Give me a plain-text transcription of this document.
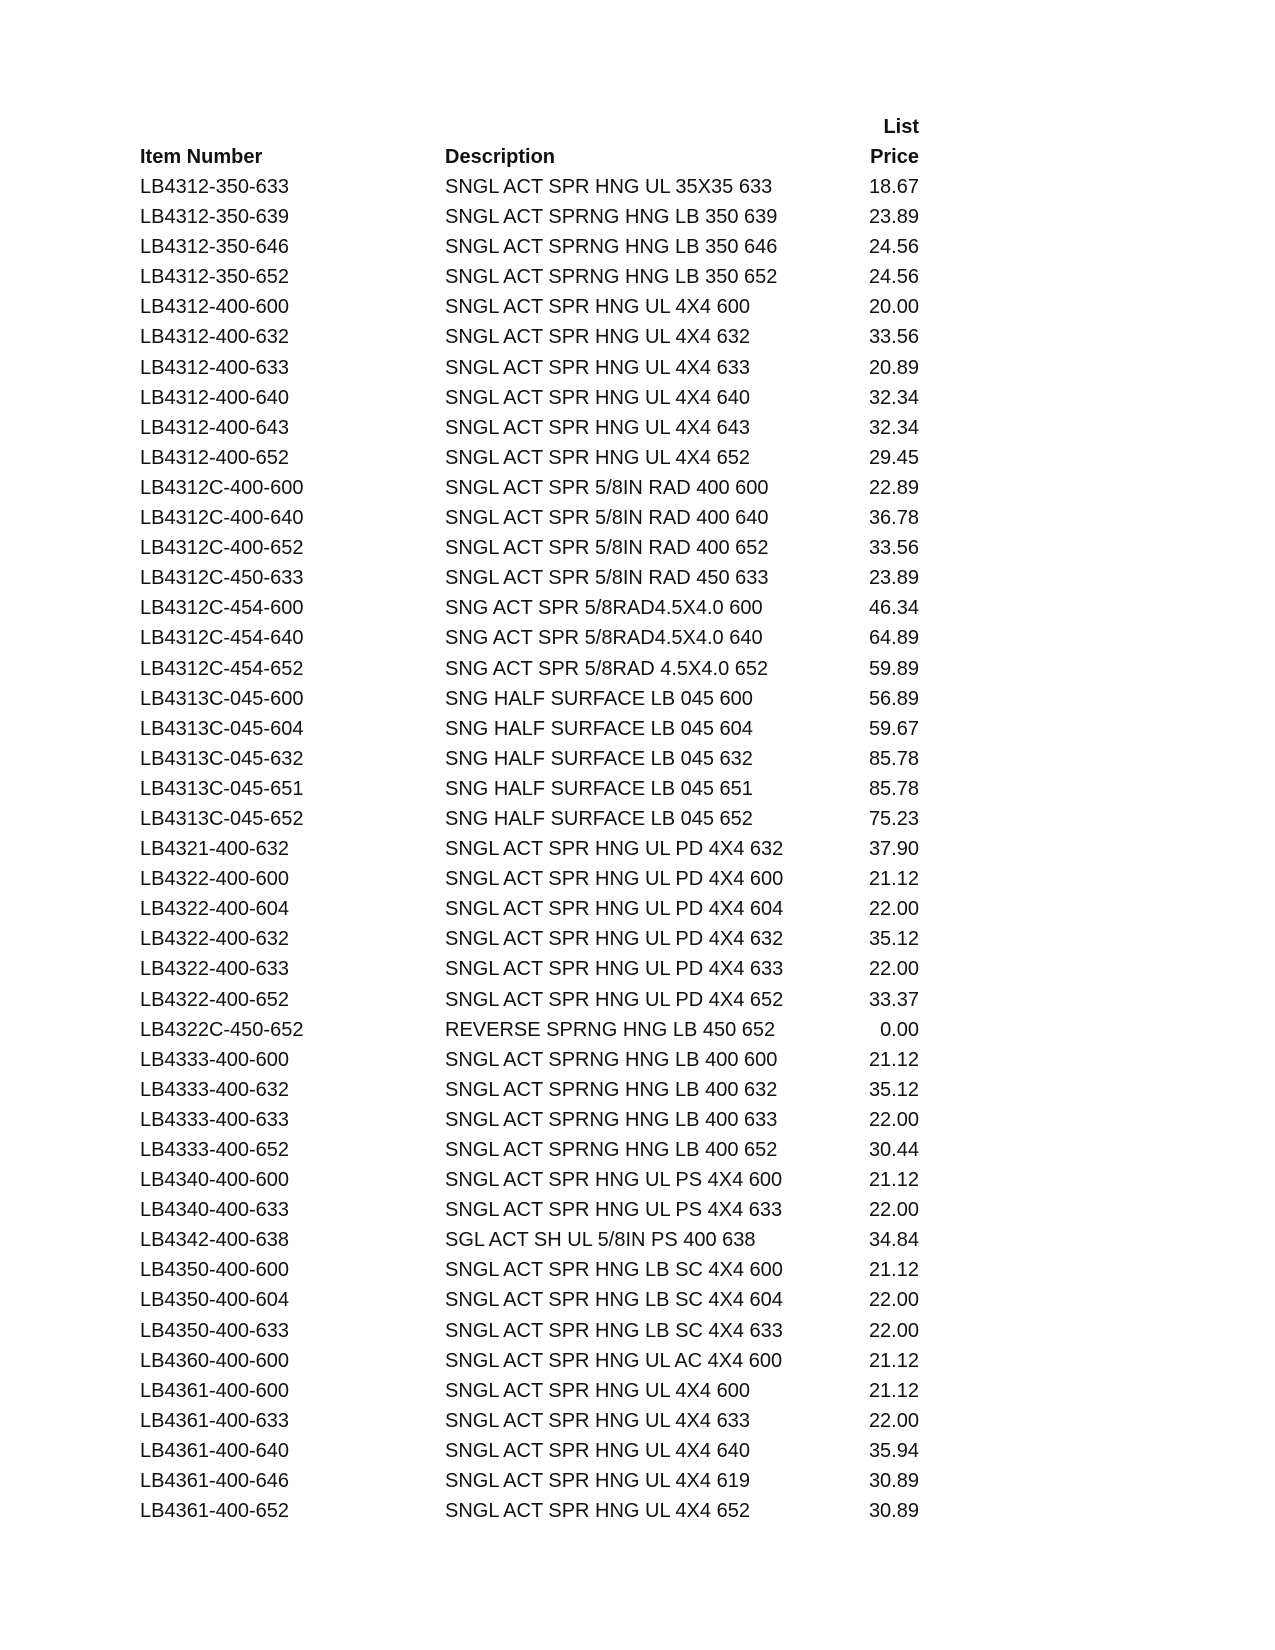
Item Number	Description
List
Price
LB4312-350-633	SNGL ACT SPR HNG UL 35X35 633	18.67
LB4312-350-639	SNGL ACT SPRNG HNG LB 350 639	23.89
LB4312-350-646	SNGL ACT SPRNG HNG LB 350 646	24.56
LB4312-350-652	SNGL ACT SPRNG HNG LB 350 652	24.56
LB4312-400-600	SNGL ACT SPR HNG UL 4X4 600	20.00
LB4312-400-632	SNGL ACT SPR HNG UL 4X4 632	33.56
LB4312-400-633	SNGL ACT SPR HNG UL 4X4 633	20.89
LB4312-400-640	SNGL ACT SPR HNG UL 4X4 640	32.34
LB4312-400-643	SNGL ACT SPR HNG UL 4X4 643	32.34
LB4312-400-652	SNGL ACT SPR HNG UL 4X4 652	29.45
LB4312C-400-600	SNGL ACT SPR 5/8IN RAD 400 600	22.89
LB4312C-400-640	SNGL ACT SPR 5/8IN RAD 400 640	36.78
LB4312C-400-652	SNGL ACT SPR 5/8IN RAD 400 652	33.56
LB4312C-450-633	SNGL ACT SPR 5/8IN RAD 450 633	23.89
LB4312C-454-600	SNG ACT SPR 5/8RAD4.5X4.0 600	46.34
LB4312C-454-640	SNG ACT SPR 5/8RAD4.5X4.0 640	64.89
LB4312C-454-652	SNG ACT SPR 5/8RAD 4.5X4.0 652	59.89
LB4313C-045-600	SNG HALF SURFACE LB 045 600	56.89
LB4313C-045-604	SNG HALF SURFACE LB 045 604	59.67
LB4313C-045-632	SNG HALF SURFACE LB 045 632	85.78
LB4313C-045-651	SNG HALF SURFACE LB 045 651	85.78
LB4313C-045-652	SNG HALF SURFACE LB 045 652	75.23
LB4321-400-632	SNGL ACT SPR HNG UL PD 4X4 632	37.90
LB4322-400-600	SNGL ACT SPR HNG UL PD 4X4 600	21.12
LB4322-400-604	SNGL ACT SPR HNG UL PD 4X4 604	22.00
LB4322-400-632	SNGL ACT SPR HNG UL PD 4X4 632	35.12
LB4322-400-633	SNGL ACT SPR HNG UL PD 4X4 633	22.00
LB4322-400-652	SNGL ACT SPR HNG UL PD 4X4 652	33.37
LB4322C-450-652	REVERSE SPRNG HNG LB 450 652	0.00
LB4333-400-600	SNGL ACT SPRNG HNG LB 400 600	21.12
LB4333-400-632	SNGL ACT SPRNG HNG LB 400 632	35.12
LB4333-400-633	SNGL ACT SPRNG HNG LB 400 633	22.00
LB4333-400-652	SNGL ACT SPRNG HNG LB 400 652	30.44
LB4340-400-600	SNGL ACT SPR HNG UL PS 4X4 600	21.12
LB4340-400-633	SNGL ACT SPR HNG UL PS 4X4 633	22.00
LB4342-400-638	SGL ACT SH UL 5/8IN PS 400 638	34.84
LB4350-400-600	SNGL ACT SPR HNG LB SC 4X4 600	21.12
LB4350-400-604	SNGL ACT SPR HNG LB SC 4X4 604	22.00
LB4350-400-633	SNGL ACT SPR HNG LB SC 4X4 633	22.00
LB4360-400-600	SNGL ACT SPR HNG UL AC 4X4 600	21.12
LB4361-400-600	SNGL ACT SPR HNG UL 4X4 600	21.12
LB4361-400-633	SNGL ACT SPR HNG UL 4X4 633	22.00
LB4361-400-640	SNGL ACT SPR HNG UL 4X4 640	35.94
LB4361-400-646	SNGL ACT SPR HNG UL 4X4 619	30.89
LB4361-400-652	SNGL ACT SPR HNG UL 4X4 652	30.89
